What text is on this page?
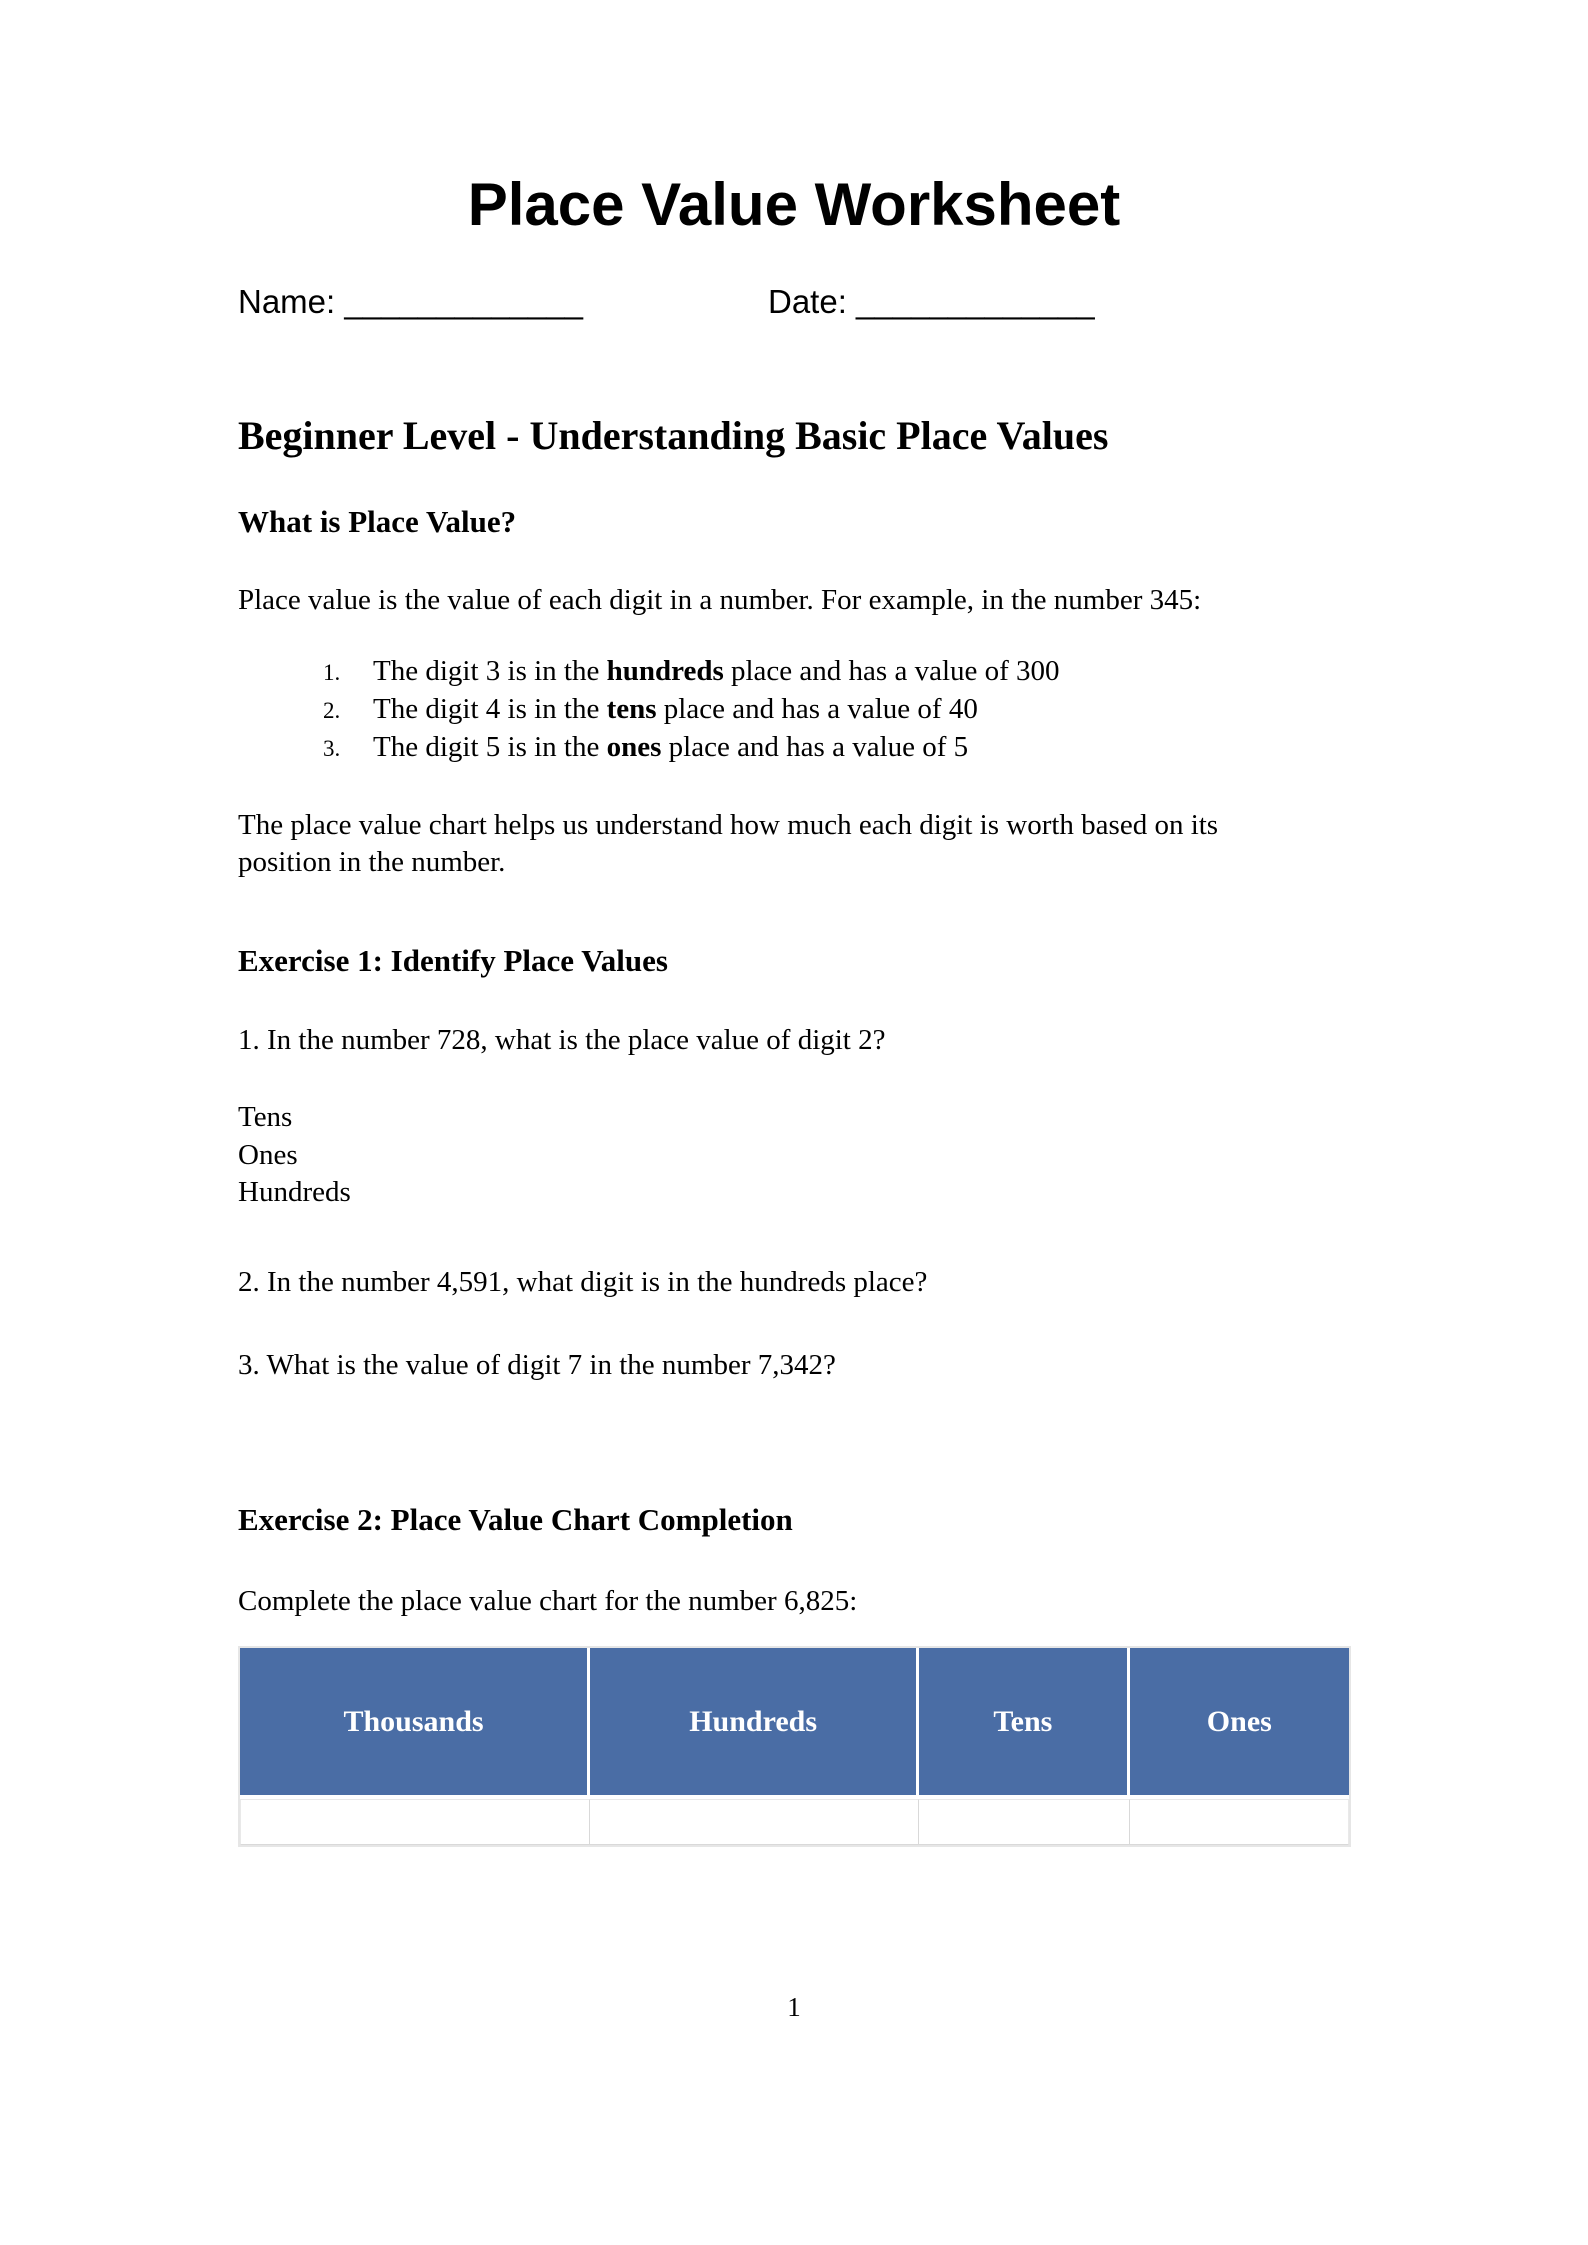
Place Value Worksheet
Name: _____________	Date: _____________
Beginner Level - Understanding Basic Place Values
What is Place Value?

Place value is the value of each digit in a number. For example, in the number 345:

1.	The digit 3 is in the hundreds place and has a value of 300
2.	The digit 4 is in the tens place and has a value of 40
3.	The digit 5 is in the ones place and has a value of 5

The place value chart helps us understand how much each digit is worth based on its position in the number.

Exercise 1: Identify Place Values

1. In the number 728, what is the place value of digit 2?

Tens
Ones
Hundreds

2. In the number 4,591, what digit is in the hundreds place?

3. What is the value of digit 7 in the number 7,342?

Exercise 2: Place Value Chart Completion

Complete the place value chart for the number 6,825:

Thousands	Hundreds	Tens	Ones

1
